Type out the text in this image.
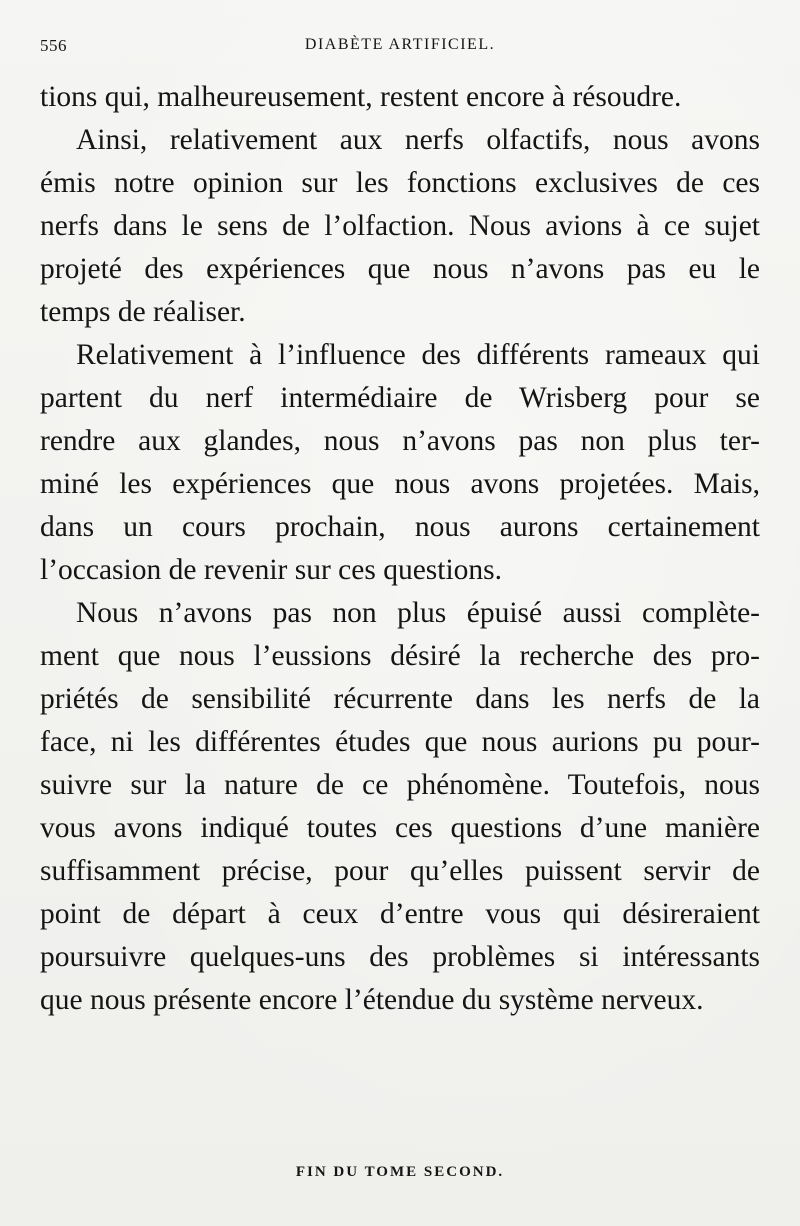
556	DIABÈTE ARTIFICIEL.
tions qui, malheureusement, restent encore à résoudre.
Ainsi, relativement aux nerfs olfactifs, nous avons
émis notre opinion sur les fonctions exclusives de ces
nerfs dans le sens de l’olfaction. Nous avions à ce sujet
projeté des expériences que nous n’avons pas eu le
temps de réaliser.
Relativement à l’influence des différents rameaux qui
partent du nerf intermédiaire de Wrisberg pour se
rendre aux glandes, nous n’avons pas non plus ter-
miné les expériences que nous avons projetées. Mais,
dans un cours prochain, nous aurons certainement
l’occasion de revenir sur ces questions.
Nous n’avons pas non plus épuisé aussi complète-
ment que nous l’eussions désiré la recherche des pro-
priétés de sensibilité récurrente dans les nerfs de la
face, ni les différentes études que nous aurions pu pour-
suivre sur la nature de ce phénomène. Toutefois, nous
vous avons indiqué toutes ces questions d’une manière
suffisamment précise, pour qu’elles puissent servir de
point de départ à ceux d’entre vous qui désireraient
poursuivre quelques-uns des problèmes si intéressants
que nous présente encore l’étendue du système nerveux.
FIN DU TOME SECOND.
